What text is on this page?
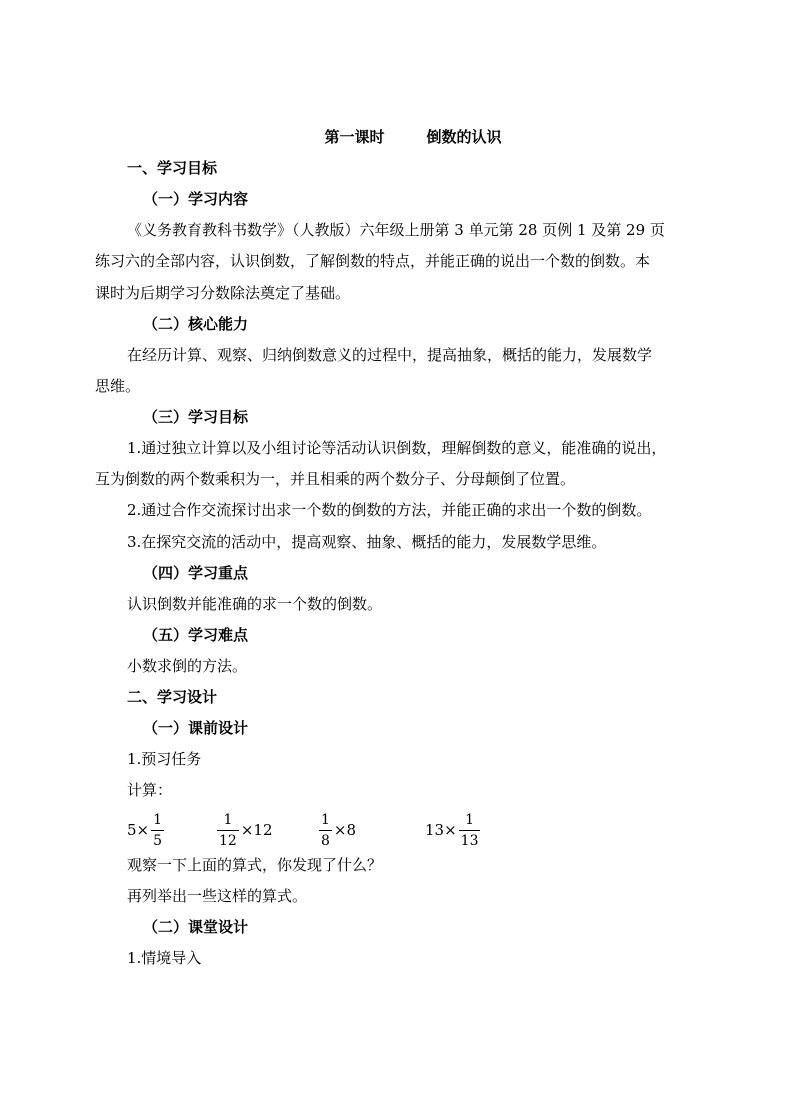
第一课时	倒数的认识
一、学习目标
（一）学习内容
《义务教育教科书数学》（人教版）六年级上册第 3 单元第 28 页例 1 及第 29 页
练习六的全部内容，认识倒数，了解倒数的特点，并能正确的说出一个数的倒数。本
课时为后期学习分数除法奠定了基础。
（二）核心能力
在经历计算、观察、归纳倒数意义的过程中，提高抽象，概括的能力，发展数学
思维。
（三）学习目标
1.通过独立计算以及小组讨论等活动认识倒数，理解倒数的意义，能准确的说出，
互为倒数的两个数乘积为一，并且相乘的两个数分子、分母颠倒了位置。
2.通过合作交流探讨出求一个数的倒数的方法，并能正确的求出一个数的倒数。
3.在探究交流的活动中，提高观察、抽象、概括的能力，发展数学思维。
（四）学习重点
认识倒数并能准确的求一个数的倒数。
（五）学习难点
小数求倒的方法。
二、学习设计
（一）课前设计
1.预习任务
计算：
$5\times \frac{1}{5}$	$\frac{1}{12} \times 12$	$\frac{1}{8} \times 8$	$13\times \frac{1}{13}$
观察一下上面的算式，你发现了什么？
再列举出一些这样的算式。
（二）课堂设计
1.情境导入
